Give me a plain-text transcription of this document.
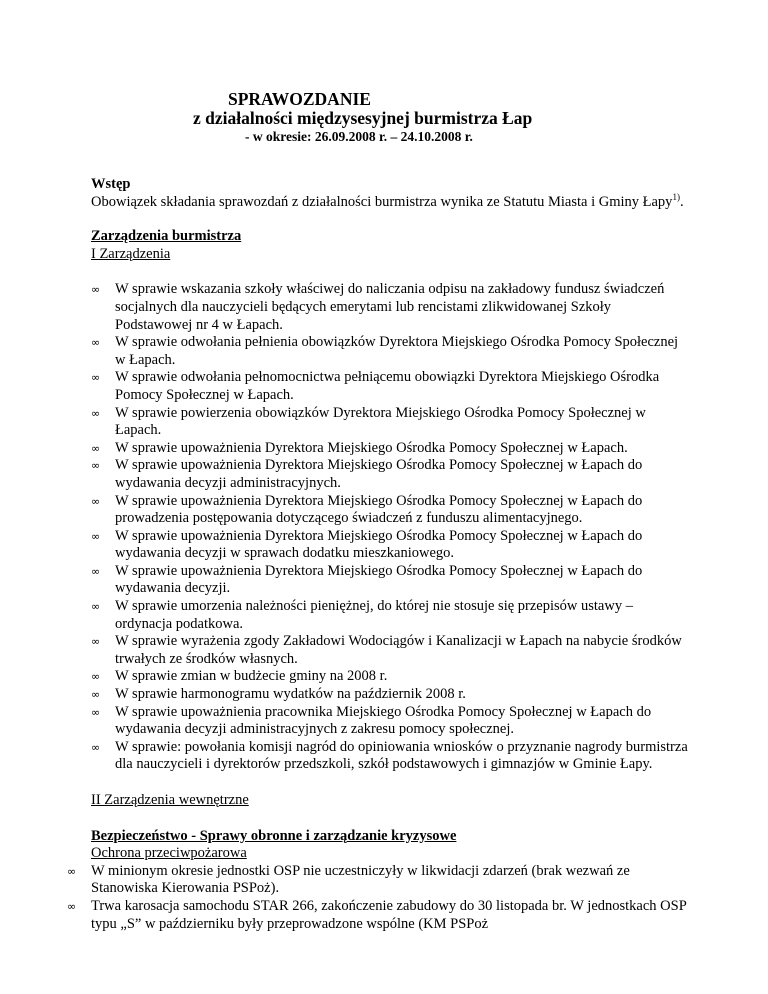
SPRAWOZDANIE
z działalności międzysesyjnej burmistrza Łap
- w okresie: 26.09.2008 r. – 24.10.2008 r.

Wstęp

Obowiązek składania sprawozdań z działalności burmistrza wynika ze Statutu Miasta i Gminy Łapy$^{1)}$.

Zarządzenia burmistrza

I Zarządzenia

∞	W sprawie wskazania szkoły właściwej do naliczania odpisu na zakładowy fundusz świadczeń socjalnych dla nauczycieli będących emerytami lub rencistami zlikwidowanej Szkoły Podstawowej nr 4 w Łapach.
∞	W sprawie odwołania pełnienia obowiązków Dyrektora Miejskiego Ośrodka Pomocy Społecznej w Łapach.
∞	W sprawie odwołania pełnomocnictwa pełniącemu obowiązki Dyrektora Miejskiego Ośrodka Pomocy Społecznej w Łapach.
∞	W sprawie powierzenia obowiązków Dyrektora Miejskiego Ośrodka Pomocy Społecznej w Łapach.
∞	W sprawie upoważnienia Dyrektora Miejskiego Ośrodka Pomocy Społecznej w Łapach.
∞	W sprawie upoważnienia Dyrektora Miejskiego Ośrodka Pomocy Społecznej w Łapach do wydawania decyzji administracyjnych.
∞	W sprawie upoważnienia Dyrektora Miejskiego Ośrodka Pomocy Społecznej w Łapach do prowadzenia postępowania dotyczącego świadczeń z funduszu alimentacyjnego.
∞	W sprawie upoważnienia Dyrektora Miejskiego Ośrodka Pomocy Społecznej w Łapach do wydawania decyzji w sprawach dodatku mieszkaniowego.
∞	W sprawie upoważnienia Dyrektora Miejskiego Ośrodka Pomocy Społecznej w Łapach do wydawania decyzji.
∞	W sprawie umorzenia należności pieniężnej, do której nie stosuje się przepisów ustawy – ordynacja podatkowa.
∞	W sprawie wyrażenia zgody Zakładowi Wodociągów i Kanalizacji w Łapach na nabycie środków trwałych ze środków własnych.
∞	W sprawie zmian w budżecie gminy na 2008 r.
∞	W sprawie harmonogramu wydatków na październik 2008 r.
∞	W sprawie upoważnienia pracownika Miejskiego Ośrodka Pomocy Społecznej w Łapach do wydawania decyzji administracyjnych z zakresu pomocy społecznej.
∞	W sprawie: powołania komisji nagród do opiniowania wniosków o przyznanie nagrody burmistrza dla nauczycieli i dyrektorów przedszkoli, szkół podstawowych i gimnazjów w Gminie Łapy.

II Zarządzenia wewnętrzne

Bezpieczeństwo - Sprawy obronne i zarządzanie kryzysowe

Ochrona przeciwpożarowa

∞	W minionym okresie jednostki OSP nie uczestniczyły w likwidacji zdarzeń (brak wezwań ze Stanowiska Kierowania PSPoż).
∞	Trwa karosacja samochodu STAR 266, zakończenie zabudowy do 30 listopada br. W jednostkach OSP typu „S” w październiku były przeprowadzone wspólne (KM PSPoż
